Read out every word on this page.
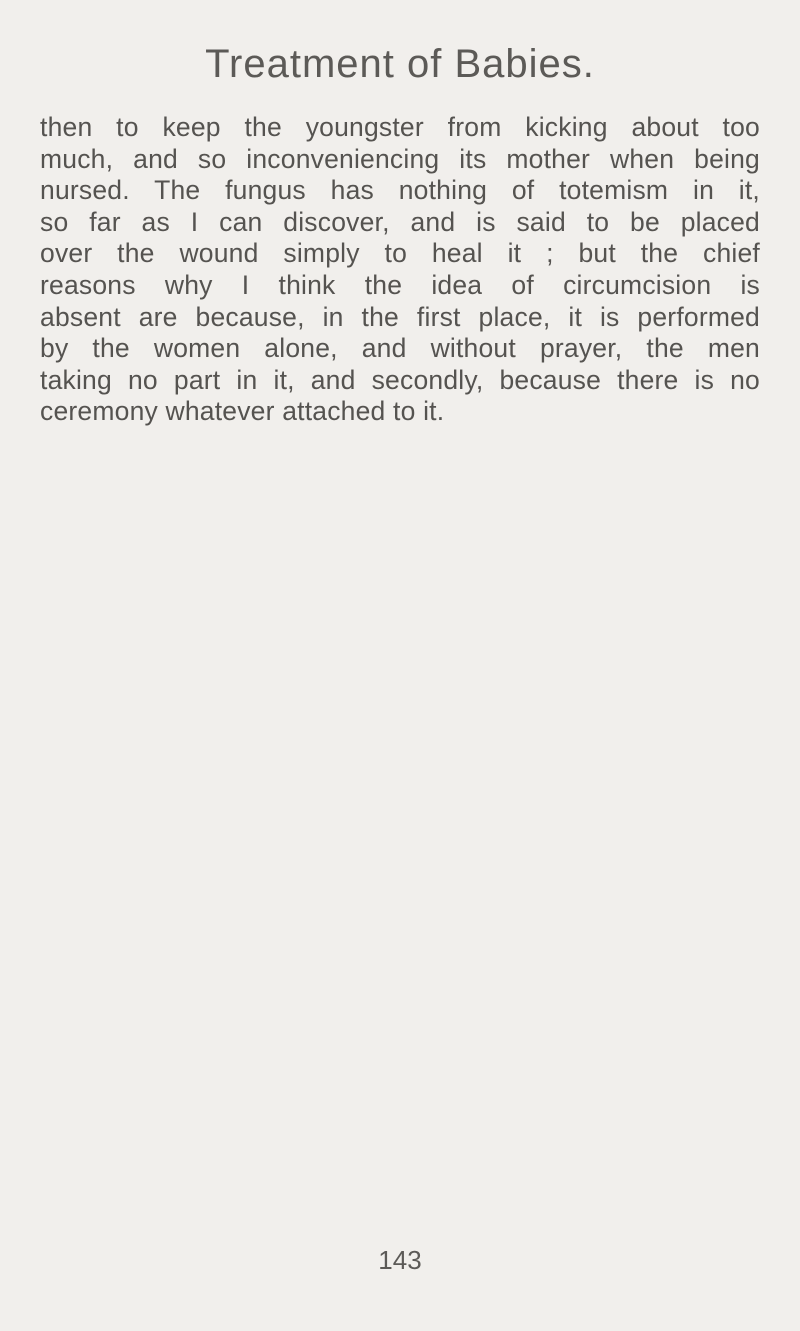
Treatment of Babies.
then to keep the youngster from kicking about too
much, and so inconveniencing its mother when being
nursed. The fungus has nothing of totemism in it,
so far as I can discover, and is said to be placed
over the wound simply to heal it ; but the chief
reasons why I think the idea of circumcision is
absent are because, in the first place, it is performed
by the women alone, and without prayer, the men
taking no part in it, and secondly, because there is no
ceremony whatever attached to it.
143
